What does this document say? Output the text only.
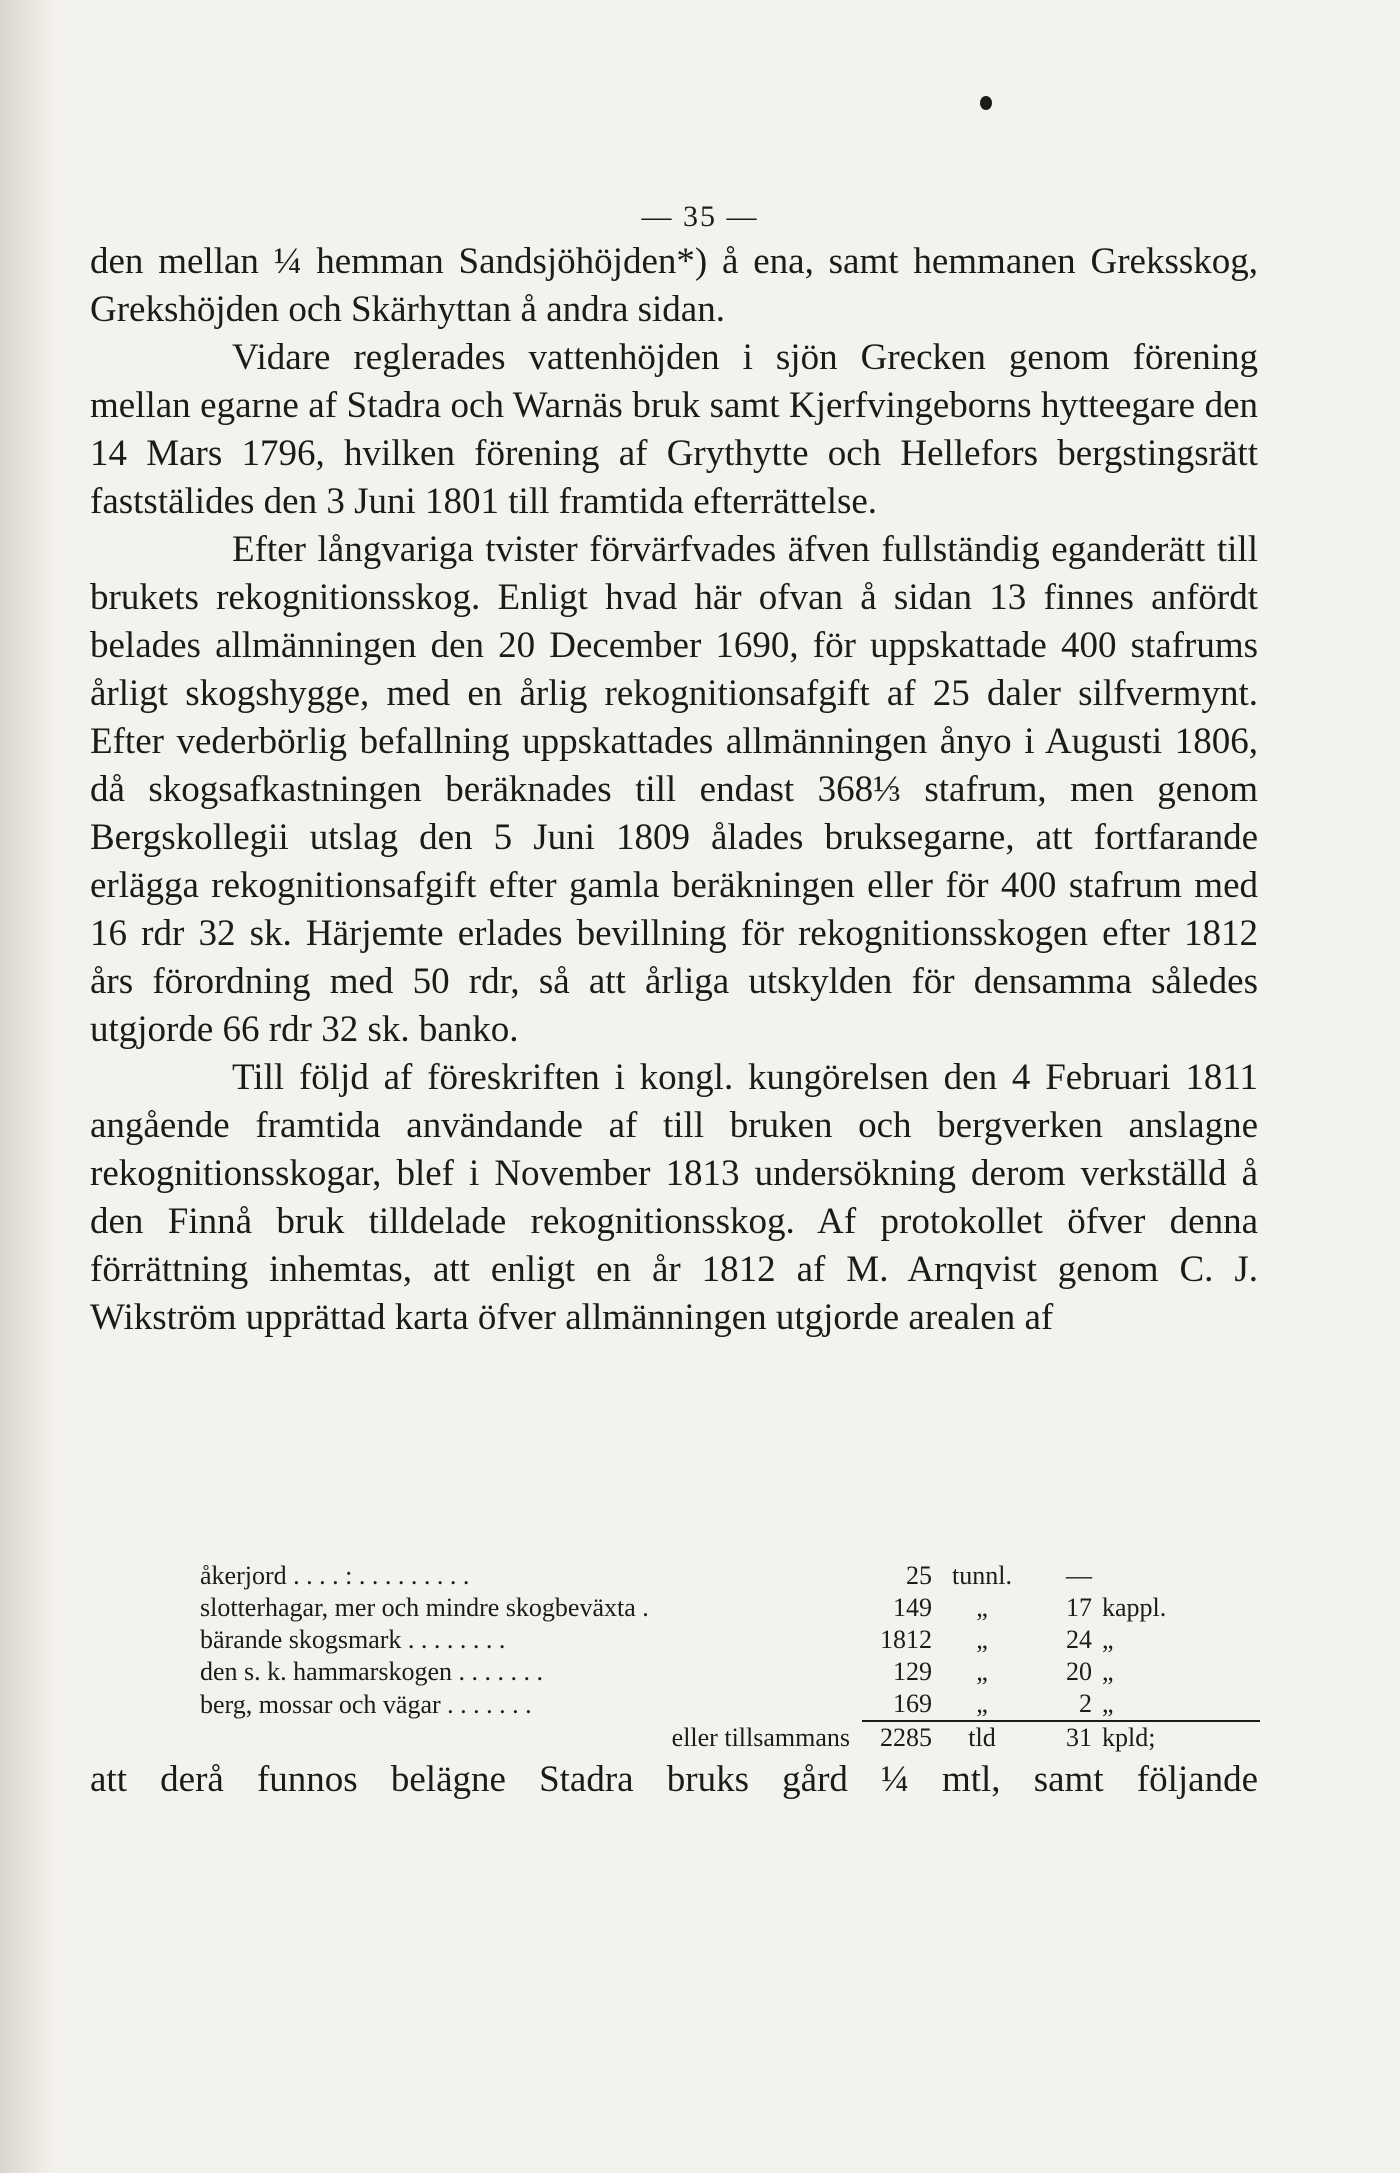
— 35 —

den mellan ¼ hemman Sandsjöhöjden*) å ena, samt hemmanen Greksskog, Grekshöjden och Skärhyttan å andra sidan.

Vidare reglerades vattenhöjden i sjön Grecken genom förening mellan egarne af Stadra och Warnäs bruk samt Kjerfvingeborns hytteegare den 14 Mars 1796, hvilken förening af Grythytte och Hellefors bergstingsrätt faststälides den 3 Juni 1801 till framtida efterrättelse.

Efter långvariga tvister förvärfvades äfven fullständig eganderätt till brukets rekognitionsskog. Enligt hvad här ofvan å sidan 13 finnes anfördt belades allmänningen den 20 December 1690, för uppskattade 400 stafrums årligt skogshygge, med en årlig rekognitionsafgift af 25 daler silfvermynt. Efter vederbörlig befallning uppskattades allmänningen ånyo i Augusti 1806, då skogsafkastningen beräknades till endast 368⅓ stafrum, men genom Bergskollegii utslag den 5 Juni 1809 ålades bruksegarne, att fortfarande erlägga rekognitionsafgift efter gamla beräkningen eller för 400 stafrum med 16 rdr 32 sk. Härjemte erlades bevillning för rekognitionsskogen efter 1812 års förordning med 50 rdr, så att årliga utskylden för densamma således utgjorde 66 rdr 32 sk. banko.

Till följd af föreskriften i kongl. kungörelsen den 4 Februari 1811 angående framtida användande af till bruken och bergverken anslagne rekognitionsskogar, blef i November 1813 undersökning derom verkställd å den Finnå bruk tilldelade rekognitionsskog. Af protokollet öfver denna förrättning inhemtas, att enligt en år 1812 af M. Arnqvist genom C. J. Wikström upprättad karta öfver allmänningen utgjorde arealen af

åkerjord . . . . : . . . . . . . . .	25	tunnl.	—	
slotterhagar, mer och mindre skogbeväxta .	149	„	17	kappl.
bärande skogsmark . . . . . . . .	1812	„	24	„
den s. k. hammarskogen . . . . . . .	129	„	20	„
berg, mossar och vägar . . . . . . .	169	„	2	„
eller tillsammans	2285	tld	31	kpld;
att derå funnos belägne Stadra bruks gård ¼ mtl, samt följande
